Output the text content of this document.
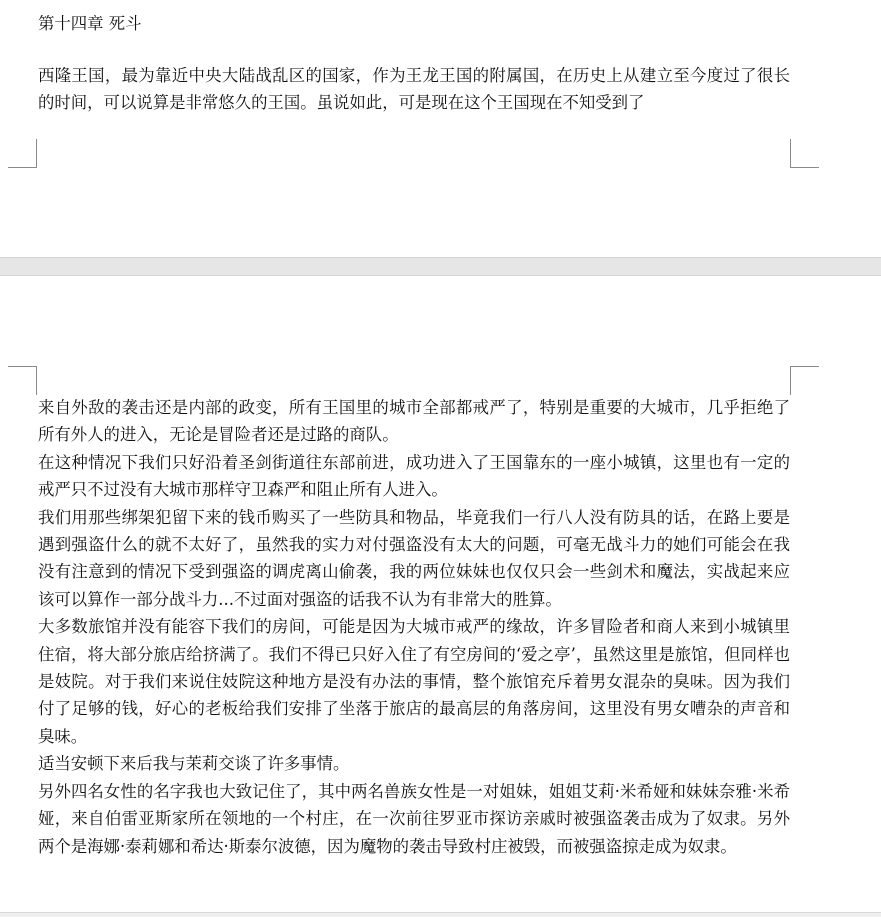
第十四章 死斗

西隆王国，最为靠近中央大陆战乱区的国家，作为王龙王国的附属国，在历史上从建立至今度过了很长的时间，可以说算是非常悠久的王国。虽说如此，可是现在这个王国现在不知受到了

来自外敌的袭击还是内部的政变，所有王国里的城市全部都戒严了，特别是重要的大城市，几乎拒绝了所有外人的进入，无论是冒险者还是过路的商队。

在这种情况下我们只好沿着圣剑街道往东部前进，成功进入了王国靠东的一座小城镇，这里也有一定的戒严只不过没有大城市那样守卫森严和阻止所有人进入。

我们用那些绑架犯留下来的钱币购买了一些防具和物品，毕竟我们一行八人没有防具的话，在路上要是遇到强盗什么的就不太好了，虽然我的实力对付强盗没有太大的问题，可毫无战斗力的她们可能会在我没有注意到的情况下受到强盗的调虎离山偷袭，我的两位妹妹也仅仅只会一些剑术和魔法，实战起来应该可以算作一部分战斗力...不过面对强盗的话我不认为有非常大的胜算。

大多数旅馆并没有能容下我们的房间，可能是因为大城市戒严的缘故，许多冒险者和商人来到小城镇里住宿，将大部分旅店给挤满了。我们不得已只好入住了有空房间的‘爱之亭’，虽然这里是旅馆，但同样也是妓院。对于我们来说住妓院这种地方是没有办法的事情，整个旅馆充斥着男女混杂的臭味。因为我们付了足够的钱，好心的老板给我们安排了坐落于旅店的最高层的角落房间，这里没有男女嘈杂的声音和臭味。

适当安顿下来后我与茉莉交谈了许多事情。

另外四名女性的名字我也大致记住了，其中两名兽族女性是一对姐妹，姐姐艾莉·米希娅和妹妹奈雅·米希娅，来自伯雷亚斯家所在领地的一个村庄，在一次前往罗亚市探访亲戚时被强盗袭击成为了奴隶。另外两个是海娜·泰莉娜和希达·斯泰尔波德，因为魔物的袭击导致村庄被毁，而被强盗掠走成为奴隶。
